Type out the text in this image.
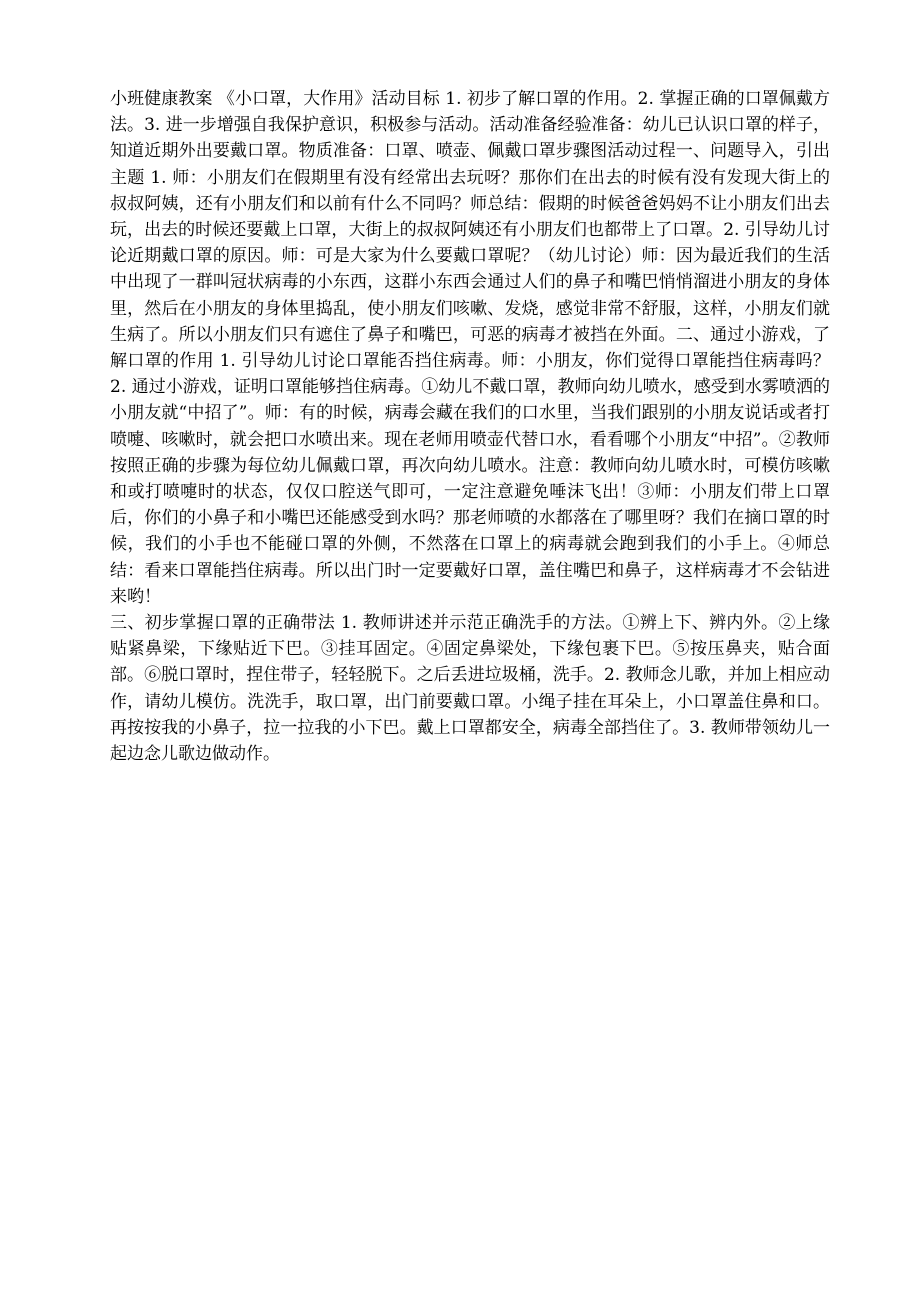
小班健康教案 《小口罩，大作用》活动目标 1. 初步了解口罩的作用。2. 掌握正确的口罩佩戴方法。3. 进一步增强自我保护意识，积极参与活动。活动准备经验准备：幼儿已认识口罩的样子，知道近期外出要戴口罩。物质准备：口罩、喷壶、佩戴口罩步骤图活动过程一、问题导入，引出主题 1. 师：小朋友们在假期里有没有经常出去玩呀？那你们在出去的时候有没有发现大街上的叔叔阿姨，还有小朋友们和以前有什么不同吗？师总结：假期的时候爸爸妈妈不让小朋友们出去玩，出去的时候还要戴上口罩，大街上的叔叔阿姨还有小朋友们也都带上了口罩。2. 引导幼儿讨论近期戴口罩的原因。师：可是大家为什么要戴口罩呢？（幼儿讨论）师：因为最近我们的生活中出现了一群叫冠状病毒的小东西，这群小东西会通过人们的鼻子和嘴巴悄悄溜进小朋友的身体里，然后在小朋友的身体里捣乱，使小朋友们咳嗽、发烧，感觉非常不舒服，这样，小朋友们就生病了。所以小朋友们只有遮住了鼻子和嘴巴，可恶的病毒才被挡在外面。二、通过小游戏，了解口罩的作用 1. 引导幼儿讨论口罩能否挡住病毒。师：小朋友，你们觉得口罩能挡住病毒吗？2. 通过小游戏，证明口罩能够挡住病毒。①幼儿不戴口罩，教师向幼儿喷水，感受到水雾喷洒的小朋友就“中招了”。师：有的时候，病毒会藏在我们的口水里，当我们跟别的小朋友说话或者打喷嚏、咳嗽时，就会把口水喷出来。现在老师用喷壶代替口水，看看哪个小朋友“中招”。②教师按照正确的步骤为每位幼儿佩戴口罩，再次向幼儿喷水。注意：教师向幼儿喷水时，可模仿咳嗽和或打喷嚏时的状态，仅仅口腔送气即可，一定注意避免唾沫飞出！③师：小朋友们带上口罩后，你们的小鼻子和小嘴巴还能感受到水吗？那老师喷的水都落在了哪里呀？我们在摘口罩的时候，我们的小手也不能碰口罩的外侧，不然落在口罩上的病毒就会跑到我们的小手上。④师总结：看来口罩能挡住病毒。所以出门时一定要戴好口罩，盖住嘴巴和鼻子，这样病毒才不会钻进来哟！

三、初步掌握口罩的正确带法 1. 教师讲述并示范正确洗手的方法。①辨上下、辨内外。②上缘贴紧鼻梁，下缘贴近下巴。③挂耳固定。④固定鼻梁处，下缘包裹下巴。⑤按压鼻夹，贴合面部。⑥脱口罩时，捏住带子，轻轻脱下。之后丢进垃圾桶，洗手。2. 教师念儿歌，并加上相应动作，请幼儿模仿。洗洗手，取口罩，出门前要戴口罩。小绳子挂在耳朵上，小口罩盖住鼻和口。再按按我的小鼻子，拉一拉我的小下巴。戴上口罩都安全，病毒全部挡住了。3. 教师带领幼儿一起边念儿歌边做动作。
